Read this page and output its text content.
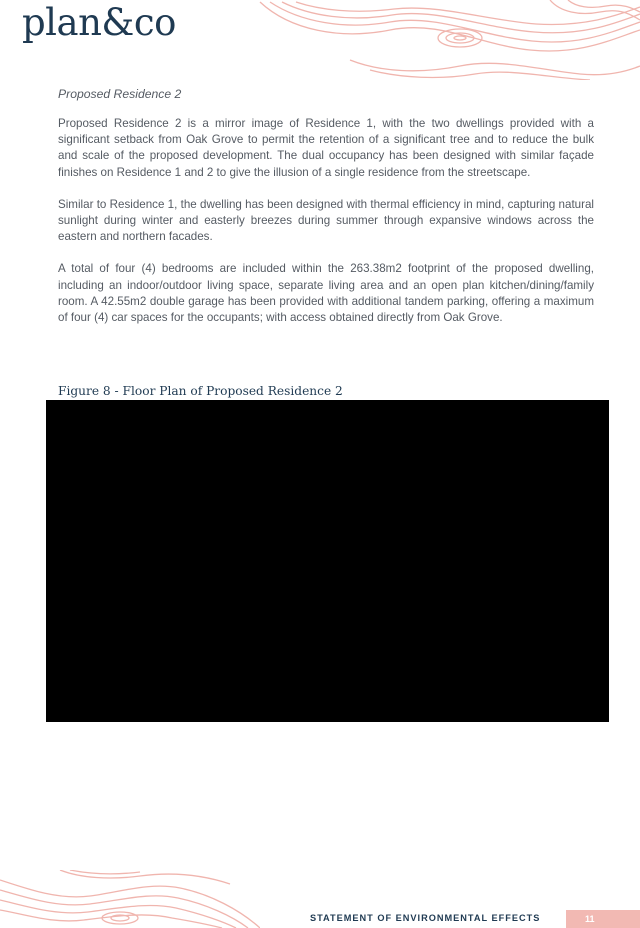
plan&co

Proposed Residence 2

Proposed Residence 2 is a mirror image of Residence 1, with the two dwellings provided with a significant setback from Oak Grove to permit the retention of a significant tree and to reduce the bulk and scale of the proposed development. The dual occupancy has been designed with similar façade finishes on Residence 1 and 2 to give the illusion of a single residence from the streetscape.

Similar to Residence 1, the dwelling has been designed with thermal efficiency in mind, capturing natural sunlight during winter and easterly breezes during summer through expansive windows across the eastern and northern facades.

A total of four (4) bedrooms are included within the 263.38m2 footprint of the proposed dwelling, including an indoor/outdoor living space, separate living area and an open plan kitchen/dining/family room. A 42.55m2 double garage has been provided with additional tandem parking, offering a maximum of four (4) car spaces for the occupants; with access obtained directly from Oak Grove.

Figure 8 - Floor Plan of Proposed Residence 2
STATEMENT OF ENVIRONMENTAL EFFECTS	11
